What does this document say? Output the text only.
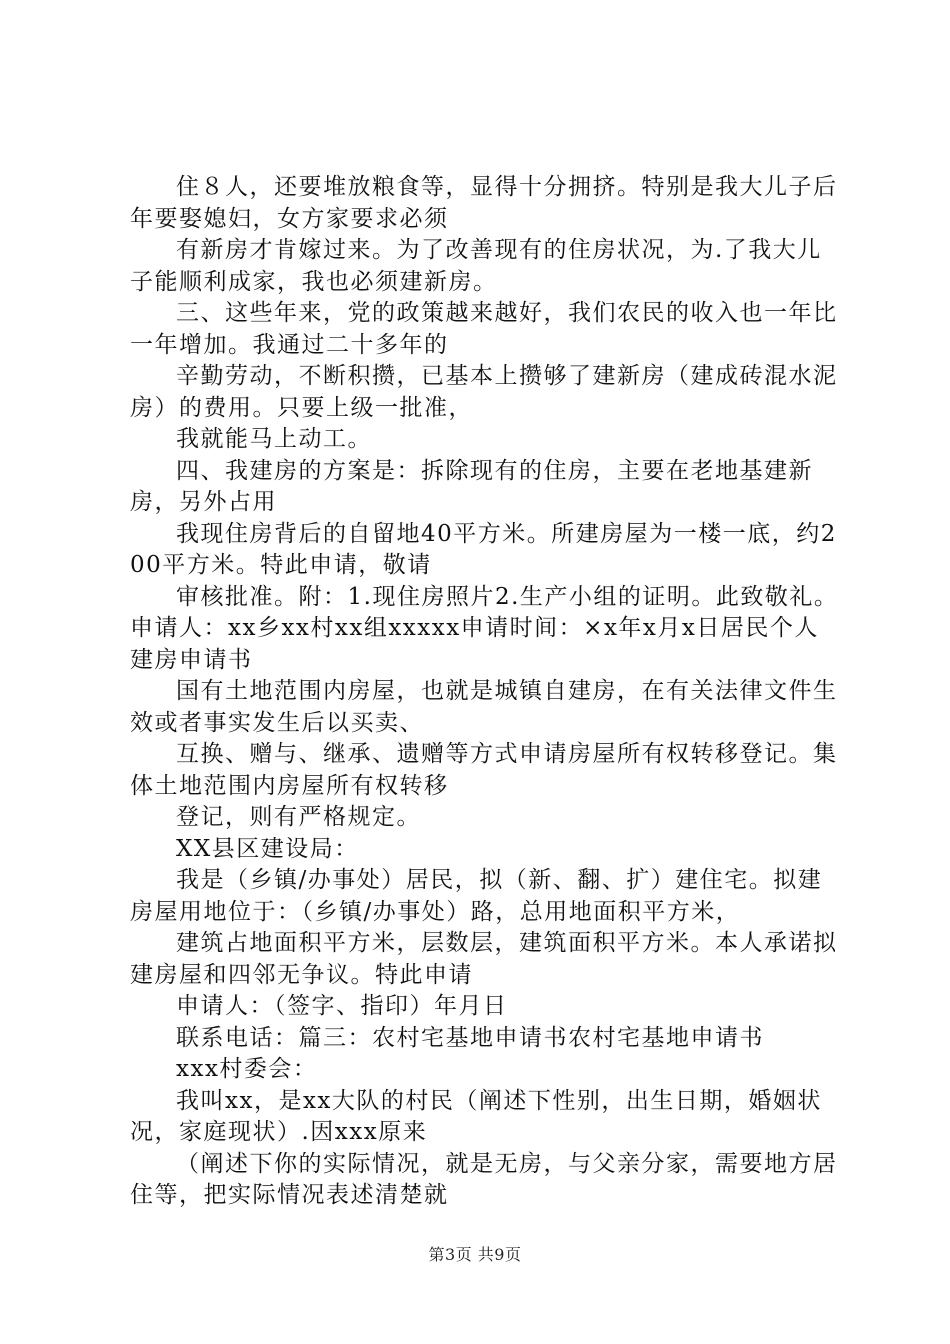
住８人，还要堆放粮食等，显得十分拥挤。特别是我大儿子后年要娶媳妇，女方家要求必须

有新房才肯嫁过来。为了改善现有的住房状况，为.了我大儿子能顺利成家，我也必须建新房。

三、这些年来，党的政策越来越好，我们农民的收入也一年比一年增加。我通过二十多年的

辛勤劳动，不断积攒，已基本上攒够了建新房（建成砖混水泥房）的费用。只要上级一批准，

我就能马上动工。

四、我建房的方案是：拆除现有的住房，主要在老地基建新房，另外占用

我现住房背后的自留地40平方米。所建房屋为一楼一底，约200平方米。特此申请，敬请

审核批准。附：1.现住房照片2.生产小组的证明。此致敬礼。申请人：xx乡xx村xx组xxxxx申请时间：×x年x月x日居民个人建房申请书

国有土地范围内房屋，也就是城镇自建房，在有关法律文件生效或者事实发生后以买卖、

互换、赠与、继承、遗赠等方式申请房屋所有权转移登记。集体土地范围内房屋所有权转移

登记，则有严格规定。

XX县区建设局：

我是（乡镇/办事处）居民，拟（新、翻、扩）建住宅。拟建房屋用地位于：（乡镇/办事处）路，总用地面积平方米，

建筑占地面积平方米，层数层，建筑面积平方米。本人承诺拟建房屋和四邻无争议。特此申请

申请人：（签字、指印）年月日

联系电话：篇三：农村宅基地申请书农村宅基地申请书

xxx村委会：

我叫xx，是xx大队的村民（阐述下性别，出生日期，婚姻状况，家庭现状）.因xxx原来

（阐述下你的实际情况，就是无房，与父亲分家，需要地方居住等，把实际情况表述清楚就

第3页 共9页
